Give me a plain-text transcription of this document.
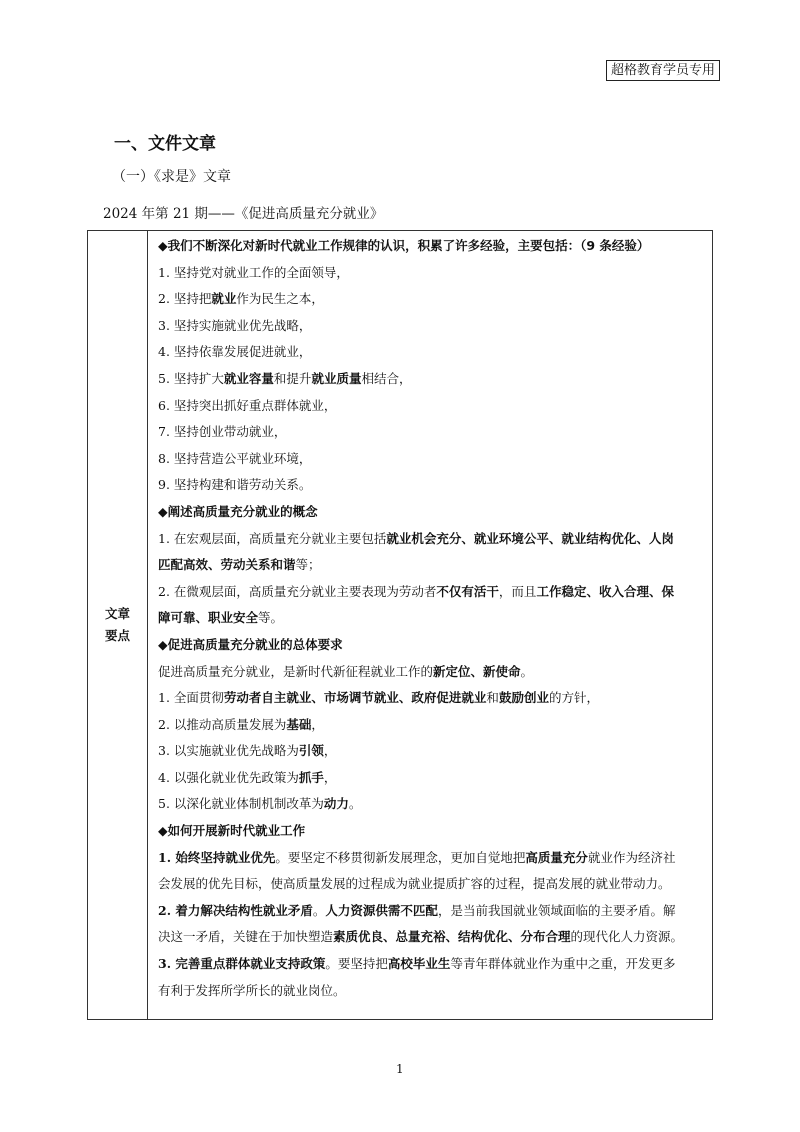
超格教育学员专用
一、文件文章
（一）《求是》文章
2024 年第 21 期——《促进高质量充分就业》
文章
要点
◆我们不断深化对新时代就业工作规律的认识，积累了许多经验，主要包括：（9 条经验）
1. 坚持党对就业工作的全面领导，
2. 坚持把就业作为民生之本，
3. 坚持实施就业优先战略，
4. 坚持依靠发展促进就业，
5. 坚持扩大就业容量和提升就业质量相结合，
6. 坚持突出抓好重点群体就业，
7. 坚持创业带动就业，
8. 坚持营造公平就业环境，
9. 坚持构建和谐劳动关系。
◆阐述高质量充分就业的概念
1. 在宏观层面，高质量充分就业主要包括就业机会充分、就业环境公平、就业结构优化、人岗
匹配高效、劳动关系和谐等；
2. 在微观层面，高质量充分就业主要表现为劳动者不仅有活干，而且工作稳定、收入合理、保
障可靠、职业安全等。
◆促进高质量充分就业的总体要求
促进高质量充分就业，是新时代新征程就业工作的新定位、新使命。
1. 全面贯彻劳动者自主就业、市场调节就业、政府促进就业和鼓励创业的方针，
2. 以推动高质量发展为基础，
3. 以实施就业优先战略为引领，
4. 以强化就业优先政策为抓手，
5. 以深化就业体制机制改革为动力。
◆如何开展新时代就业工作
1. 始终坚持就业优先。要坚定不移贯彻新发展理念，更加自觉地把高质量充分就业作为经济社
会发展的优先目标，使高质量发展的过程成为就业提质扩容的过程，提高发展的就业带动力。
2. 着力解决结构性就业矛盾。人力资源供需不匹配，是当前我国就业领域面临的主要矛盾。解
决这一矛盾，关键在于加快塑造素质优良、总量充裕、结构优化、分布合理的现代化人力资源。
3. 完善重点群体就业支持政策。要坚持把高校毕业生等青年群体就业作为重中之重，开发更多
有利于发挥所学所长的就业岗位。
1
